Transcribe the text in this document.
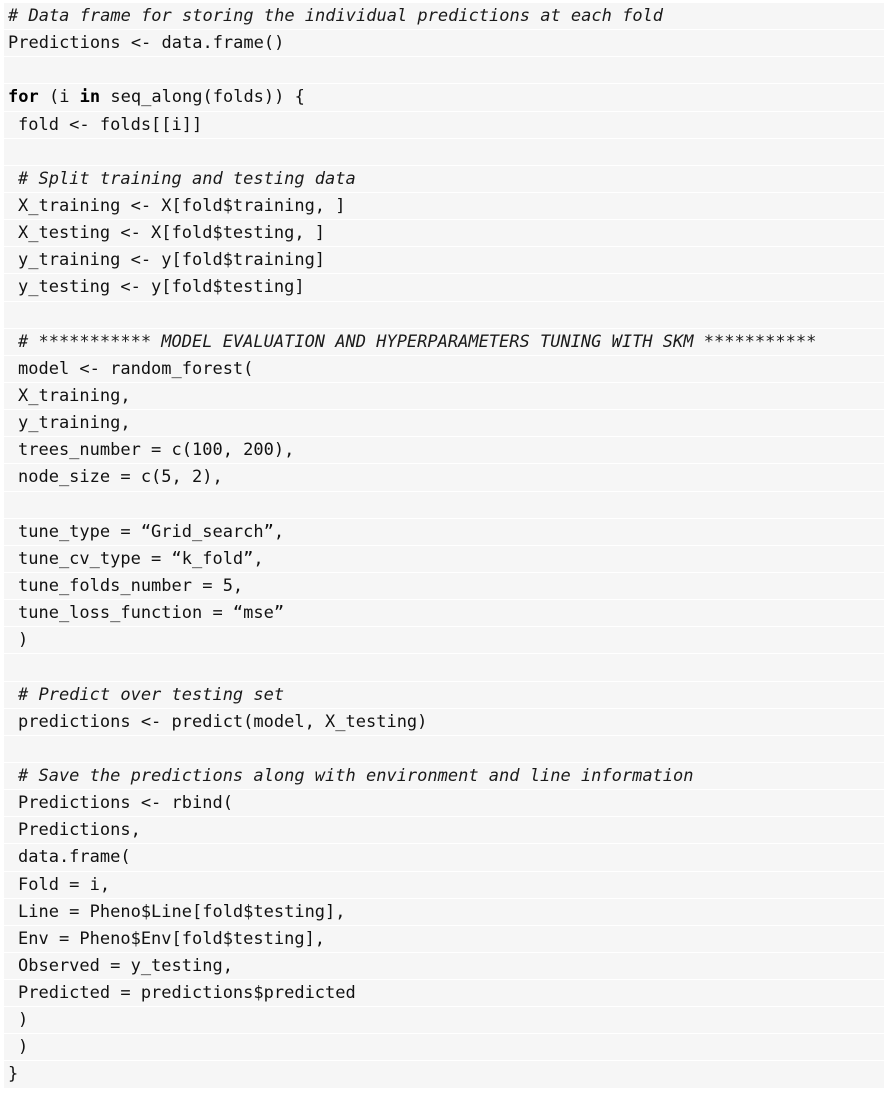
# Data frame for storing the individual predictions at each fold
Predictions <- data.frame()
for (i in seq_along(folds)) {
fold <- folds[[i]]
# Split training and testing data
X_training <- X[fold$training, ]
X_testing <- X[fold$testing, ]
y_training <- y[fold$training]
y_testing <- y[fold$testing]
# *********** MODEL EVALUATION AND HYPERPARAMETERS TUNING WITH SKM ***********
model <- random_forest(
X_training,
y_training,
trees_number = c(100, 200),
node_size = c(5, 2),
tune_type = “Grid_search”,
tune_cv_type = “k_fold”,
tune_folds_number = 5,
tune_loss_function = “mse”
)
# Predict over testing set
predictions <- predict(model, X_testing)
# Save the predictions along with environment and line information
Predictions <- rbind(
Predictions,
data.frame(
Fold = i,
Line = Pheno$Line[fold$testing],
Env = Pheno$Env[fold$testing],
Observed = y_testing,
Predicted = predictions$predicted
)
)
}
